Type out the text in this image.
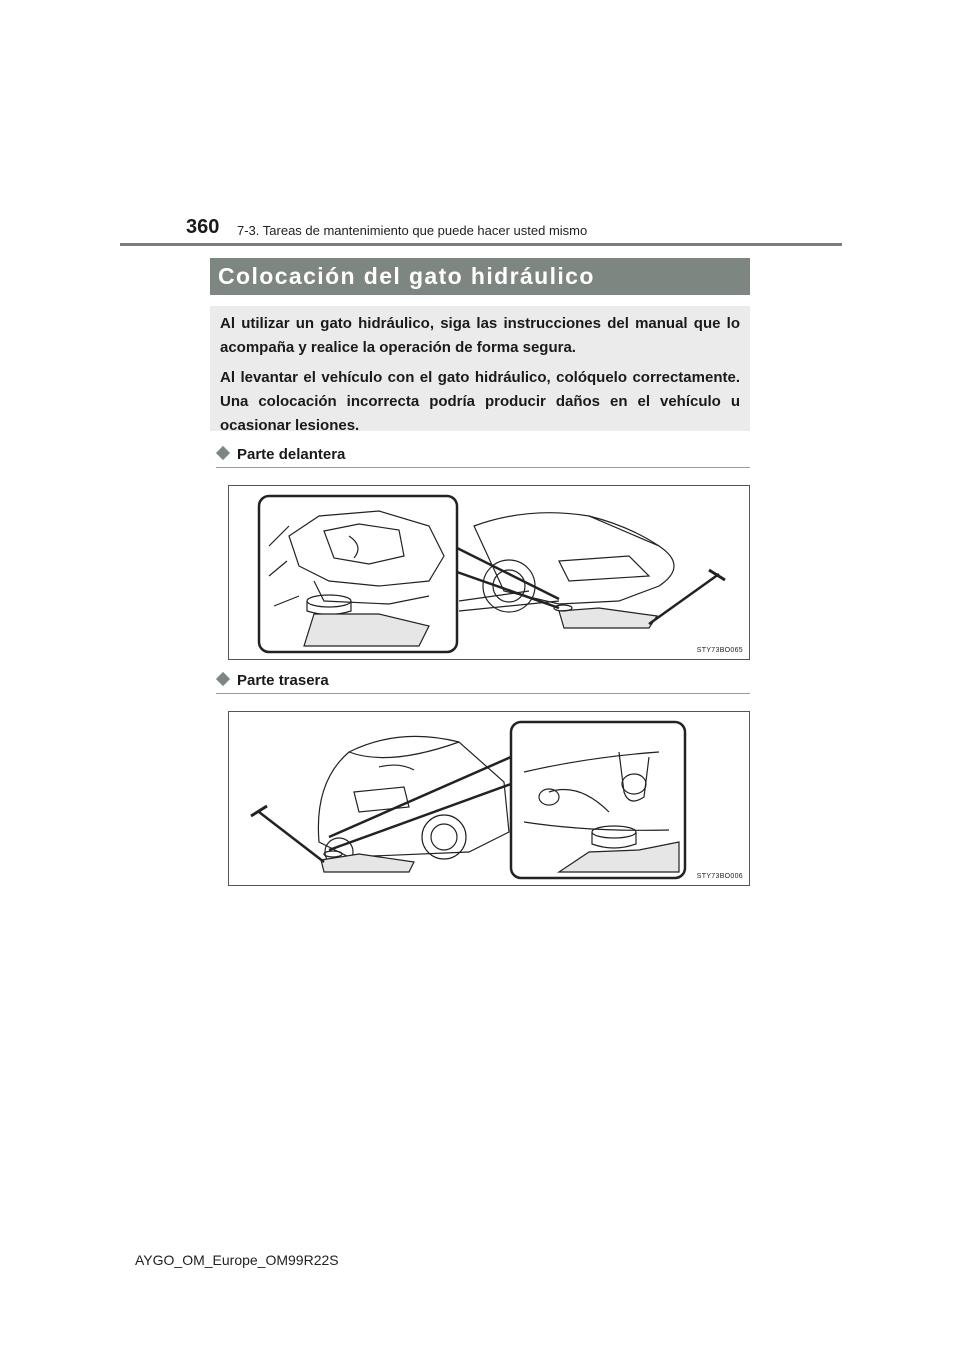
360 7-3. Tareas de mantenimiento que puede hacer usted mismo
Colocación del gato hidráulico

Al utilizar un gato hidráulico, siga las instrucciones del manual que lo acompaña y realice la operación de forma segura.

Al levantar el vehículo con el gato hidráulico, colóquelo correctamente. Una colocación incorrecta podría producir daños en el vehículo u ocasionar lesiones.

Parte delantera
STY73BO065
Parte trasera
STY73BO006
AYGO_OM_Europe_OM99R22S
